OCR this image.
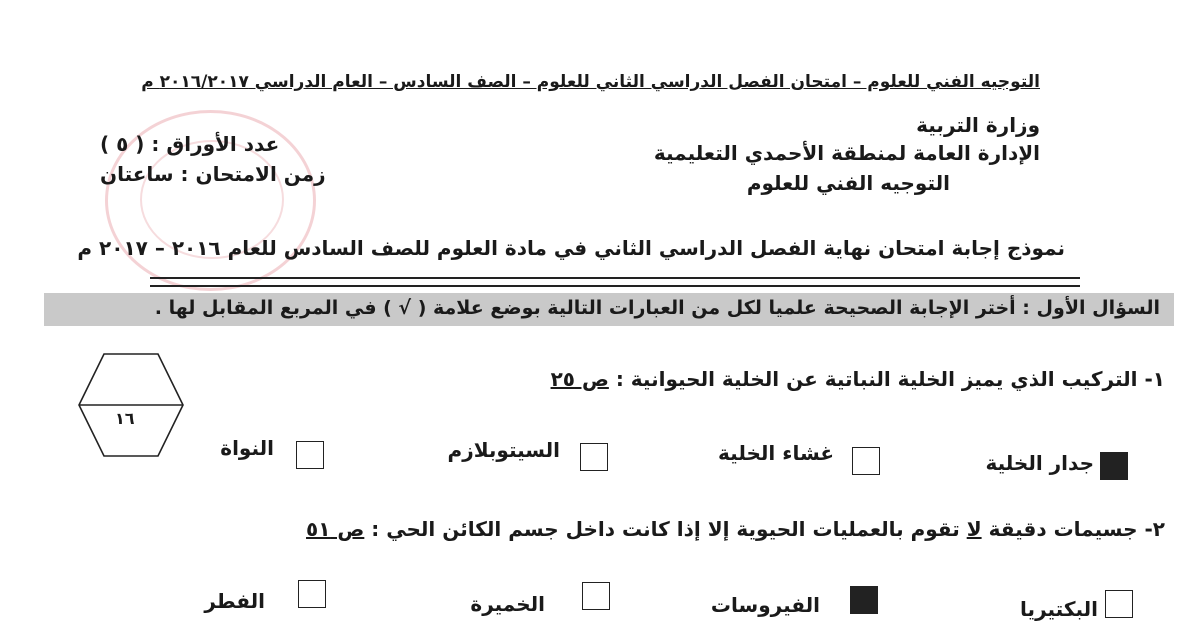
التوجيه الفني للعلوم – امتحان الفصل الدراسي الثاني للعلوم – الصف السادس – العام الدراسي ٢٠١٦/٢٠١٧ م
وزارة التربية
الإدارة العامة لمنطقة الأحمدي التعليمية
التوجيه الفني للعلوم
عدد الأوراق : ( ٥ )
زمن الامتحان : ساعتان
نموذج إجابة امتحان نهاية الفصل الدراسي الثاني في مادة العلوم للصف السادس للعام ٢٠١٦ – ٢٠١٧ م
السؤال الأول : أختر الإجابة الصحيحة علميا لكل من العبارات التالية بوضع علامة ( √ ) في المربع المقابل لها .
١٦
١- التركيب الذي يميز الخلية النباتية عن الخلية الحيوانية : ص ٢٥
جدار الخلية
غشاء الخلية
السيتوبلازم
النواة
٢- جسيمات دقيقة لا تقوم بالعمليات الحيوية إلا إذا كانت داخل جسم الكائن الحي : ص ٥١
البكتيريا
الفيروسات
الخميرة
الفطر
